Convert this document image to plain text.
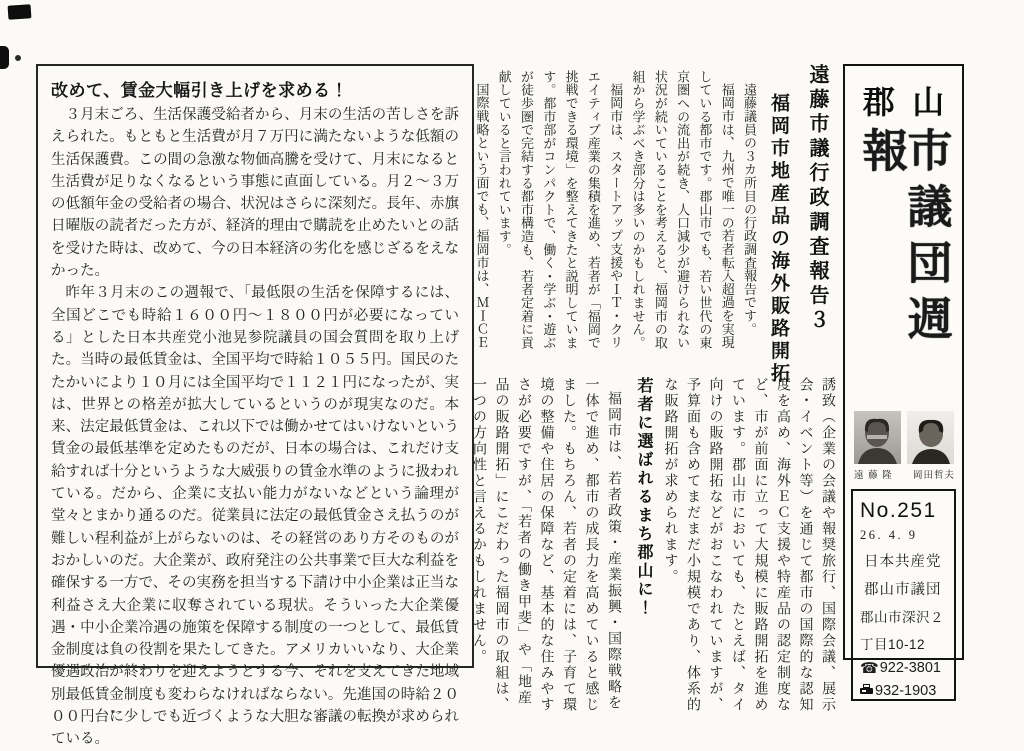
改めて、賃金大幅引き上げを求める！

３月末ごろ、生活保護受給者から、月末の生活の苦しさを訴えられた。もともと生活費が月７万円に満たないような低額の生活保護費。この間の急激な物価高騰を受けて、月末になると生活費が足りなくなるという事態に直面している。月２～３万の低額年金の受給者の場合、状況はさらに深刻だ。長年、赤旗日曜版の読者だった方が、経済的理由で購読を止めたいとの話を受けた時は、改めて、今の日本経済の劣化を感じざるをえなかった。

昨年３月末のこの週報で、「最低限の生活を保障するには、全国どこでも時給１６００円～１８００円が必要になっている」とした日本共産党小池晃参院議員の国会質問を取り上げた。当時の最低賃金は、全国平均で時給１０５５円。国民のたたかいにより１０月には全国平均で１１２１円になったが、実は、世界との格差が拡大しているというのが現実なのだ。本来、法定最低賃金は、これ以下では働かせてはいけないという賃金の最低基準を定めたものだが、日本の場合は、これだけ支給すれば十分というような大威張りの賃金水準のように扱われている。だから、企業に支払い能力がないなどという論理が堂々とまかり通るのだ。従業員に法定の最低賃金さえ払うのが難しい程利益が上がらないのは、その経営のあり方そのものがおかしいのだ。大企業が、政府発注の公共事業で巨大な利益を確保する一方で、その実務を担当する下請け中小企業は正当な利益さえ大企業に収奪されている現状。そういった大企業優遇・中小企業冷遇の施策を保障する制度の一つとして、最低賃金制度は負の役割を果たしてきた。アメリカいいなり、大企業優遇政治が終わりを迎えようとする今、それを支えてきた地域別最低賃金制度も変わらなければならない。先進国の時給２０００円台に少しでも近づくような大胆な審議の転換が求められている。

遠藤市議行政調査報告３
福岡市地産品の海外販路開拓

遠藤議員の３カ所目の行政調査報告です。

福岡市は、九州で唯一の若者転入超過を実現している都市です。郡山市でも、若い世代の東京圏への流出が続き、人口減少が避けられない状況が続いていることを考えると、福岡市の取組から学ぶべき部分は多いのかもしれません。

福岡市は、スタートアップ支援やＩＴ・クリエイティブ産業の集積を進め、若者が「福岡で挑戦できる環境」を整えてきたと説明しています。都市部がコンパクトで、働く・学ぶ・遊ぶが徒歩圏で完結する都市構造も、若者定着に貢献していると言われています。

国際戦略という面でも、福岡市は、ＭＩＣＥ

誘致（企業の会議や報奨旅行、国際会議、展示会・イベント等）を通じて都市の国際的な認知度を高め、海外ＥＣ支援や特産品の認定制度など、市が前面に立って大規模に販路開拓を進めています。郡山市においても、たとえば、タイ向けの販路開拓などがおこなわれていますが、予算面も含めてまだまだ小規模であり、体系的な販路開拓が求められます。

若者に選ばれるまち郡山に！

福岡市は、若者政策・産業振興・国際戦略を一体で進め、都市の成長力を高めていると感じました。もちろん、若者の定着には、子育て環境の整備や住居の保障など、基本的な住みやすさが必要ですが、「若者の働き甲斐」や「地産品の販路開拓」にこだわった福岡市の取組は、一つの方向性と言えるかもしれません。

郡山
市議団週報
遠 藤 隆 岡田哲夫
No.251
26. 4. 9
日本共産党
郡山市議団
郡山市深沢２
丁目10-12
☎ 922-3801
932-1903
